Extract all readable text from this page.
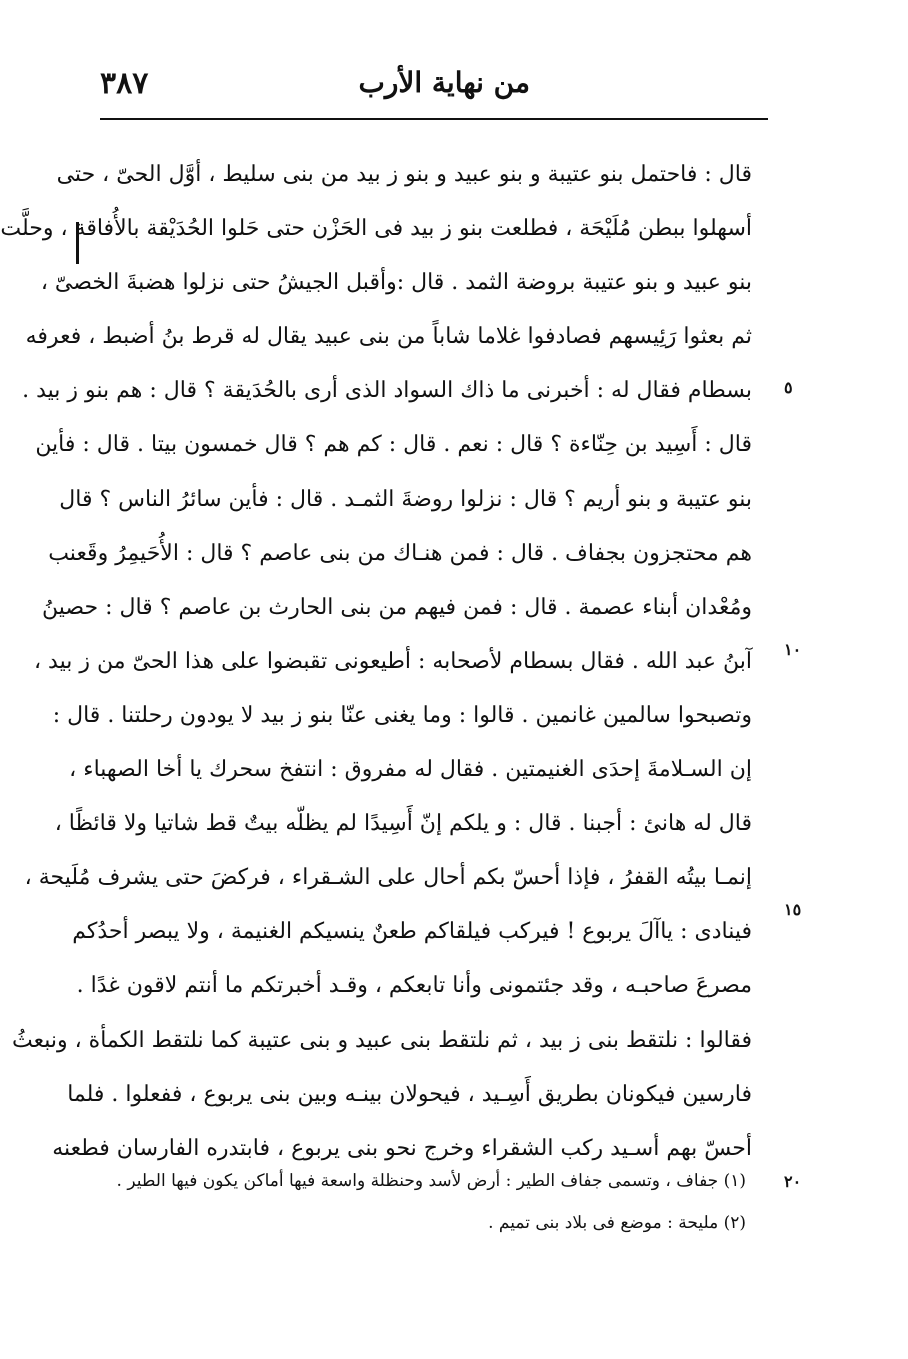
من نهاية الأرب
٣٨٧
قال : فاحتمل بنو عتيبة و بنو عبيد و بنو ز بيد من بنى سليط ، أوَّل الحىّ ، حتى
أسهلوا ببطن مُلَيْحَة ، فطلعت بنو ز بيد فى الحَزْن حتى حَلوا الحُدَيْقة بالأُفاقة ، وحلَّت
بنو عبيد و بنو عتيبة بروضة الثمد . قال :وأقبل الجيشُ حتى نزلوا هضبةَ الخصىّ ،
ثم بعثوا رَئِيسهم فصادفوا غلاما شاباً من بنى عبيد يقال له قرط بنُ أضبط ، فعرفه
بسطام فقال له : أخبرنى ما ذاك السواد الذى أرى بالحُدَيقة ؟ قال : هم بنو ز بيد .
قال : أَسِيد بن حِنّاءة ؟ قال : نعم . قال : كم هم ؟ قال خمسون بيتا . قال : فأين
بنو عتيبة و بنو أريم ؟ قال : نزلوا روضةَ الثمـد . قال : فأين سائرُ الناس ؟ قال
هم محتجزون بجفاف . قال : فمن هنـاك من بنى عاصم ؟ قال : الأُحَيمِرُ وقَعنب
ومُعْدان أبناء عصمة . قال : فمن فيهم من بنى الحارث بن عاصم ؟ قال : حصينُ
آبنُ عبد الله . فقال بسطام لأصحابه : أطيعونى تقبضوا على هذا الحىّ من ز بيد ،
وتصبحوا سالمين غانمين . قالوا : وما يغنى عنّا بنو ز بيد لا يودون رحلتنا . قال :
إن السـلامةَ إحدَى الغنيمتين . فقال له مفروق : انتفخ سحرك يا أخا الصهباء ،
قال له هانئ : أجبنا . قال : و يلكم إنّ أَسِيدًا لم يظلّه بيتٌ قط شاتيا ولا قائظًا ،
إنمـا بيتُه القفرُ ، فإذا أحسّ بكم أحال على الشـقراء ، فركضَ حتى يشرف مُلَيحة ،
فينادى : ياآلَ يربوع ! فيركب فيلقاكم طعنٌ ينسيكم الغنيمة ، ولا يبصر أحدُكم
مصرعَ صاحبـه ، وقد جئتمونى وأنا تابعكم ، وقـد أخبرتكم ما أنتم لاقون غدًا .
فقالوا : نلتقط بنى ز بيد ، ثم نلتقط بنى عبيد و بنى عتيبة كما نلتقط الكمأة ، ونبعثُ
فارسين فيكونان بطريق أَسِـيد ، فيحولان بينـه وبين بنى يربوع ، ففعلوا . فلما
أحسّ بهم أسـيد ركب الشقراء وخرج نحو بنى يربوع ، فابتدره الفارسان فطعنه
٥
١٠
١٥
٢٠
(١) جفاف ، وتسمى جفاف الطير : أرض لأسد وحنظلة واسعة فيها أماكن يكون فيها الطير .
(٢) مليحة : موضع فى بلاد بنى تميم .
